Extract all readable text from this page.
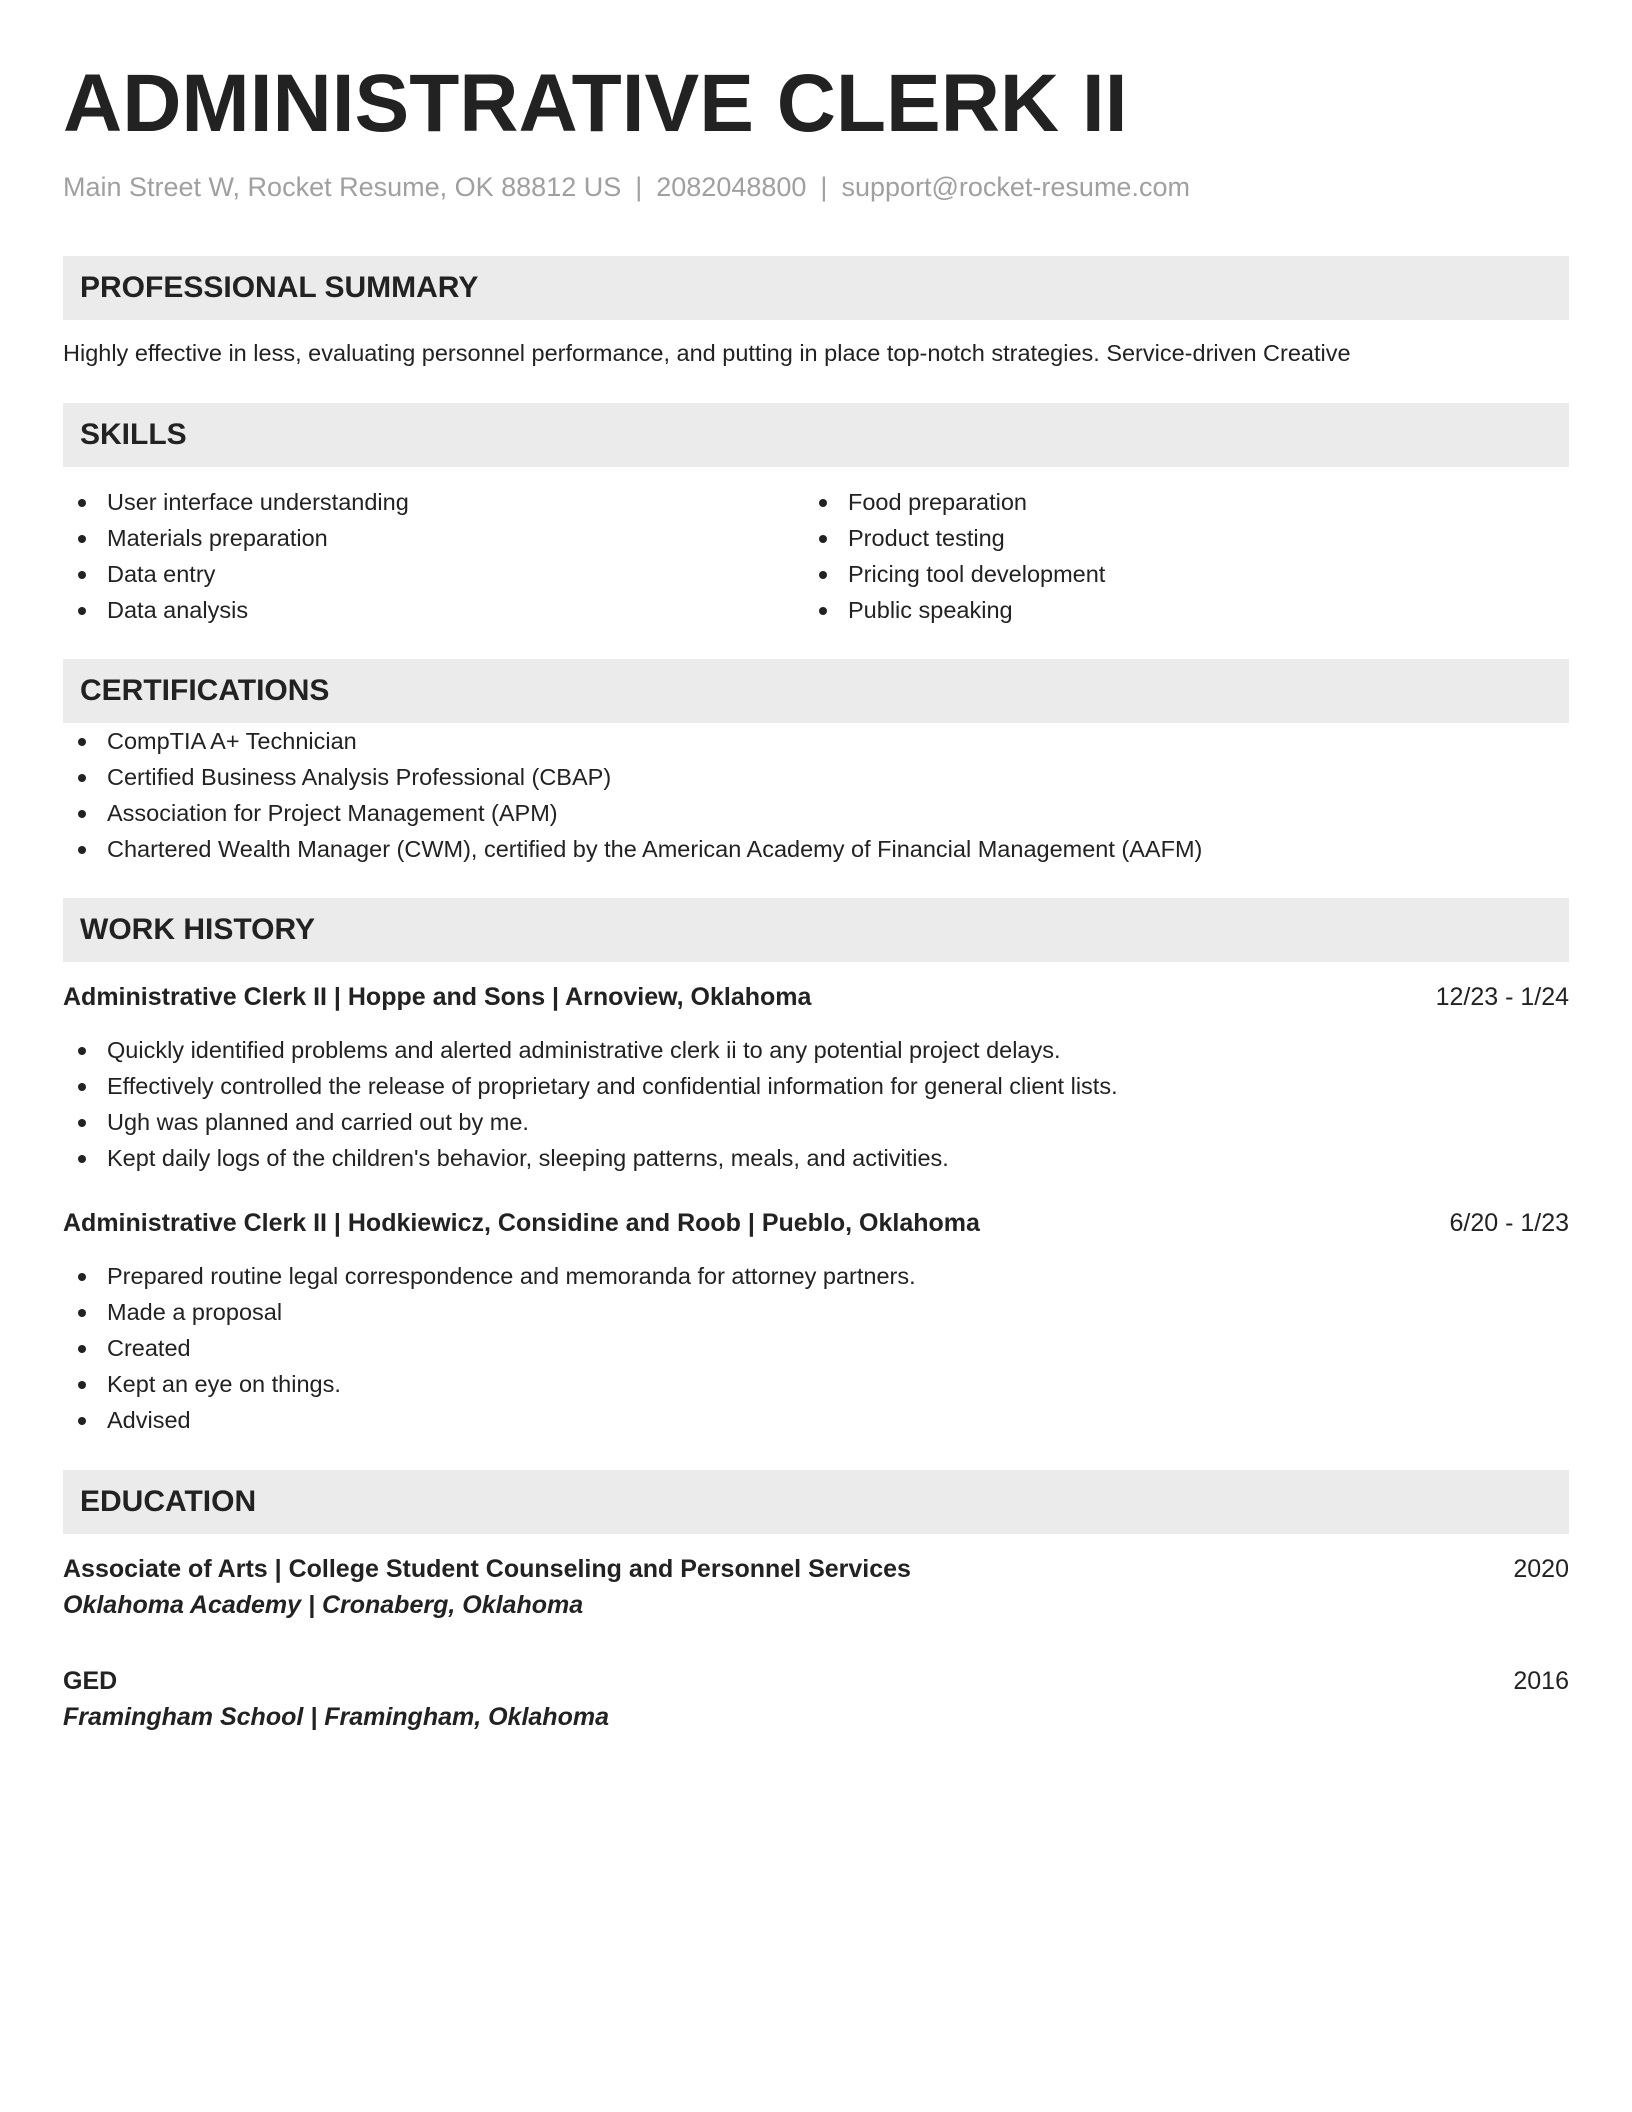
ADMINISTRATIVE CLERK II
Main Street W, Rocket Resume, OK 88812 US | 2082048800 | support@rocket-resume.com
PROFESSIONAL SUMMARY

Highly effective in less, evaluating personnel performance, and putting in place top-notch strategies. Service-driven Creative

SKILLS
User interface understanding
Materials preparation
Data entry
Data analysis
Food preparation
Product testing
Pricing tool development
Public speaking
CERTIFICATIONS
CompTIA A+ Technician
Certified Business Analysis Professional (CBAP)
Association for Project Management (APM)
Chartered Wealth Manager (CWM), certified by the American Academy of Financial Management (AAFM)
WORK HISTORY
Administrative Clerk II | Hoppe and Sons | Arnoview, Oklahoma	12/23 - 1/24
Quickly identified problems and alerted administrative clerk ii to any potential project delays.
Effectively controlled the release of proprietary and confidential information for general client lists.
Ugh was planned and carried out by me.
Kept daily logs of the children's behavior, sleeping patterns, meals, and activities.
Administrative Clerk II | Hodkiewicz, Considine and Roob | Pueblo, Oklahoma	6/20 - 1/23
Prepared routine legal correspondence and memoranda for attorney partners.
Made a proposal
Created
Kept an eye on things.
Advised
EDUCATION
Associate of Arts | College Student Counseling and Personnel Services	2020
Oklahoma Academy | Cronaberg, Oklahoma
GED	2016
Framingham School | Framingham, Oklahoma
